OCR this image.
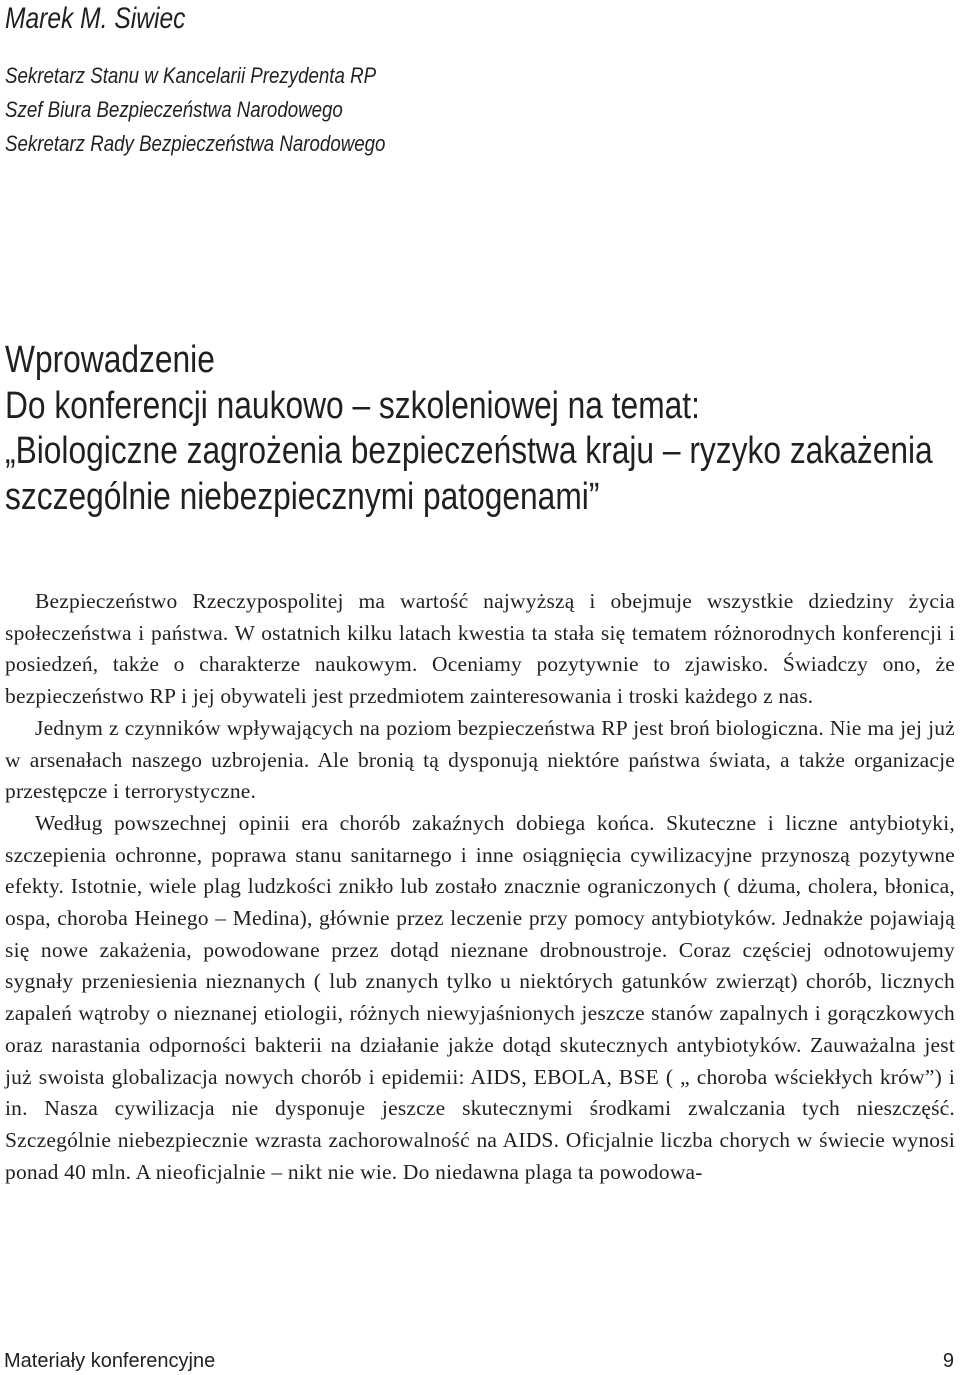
Marek M. Siwiec
Sekretarz Stanu w Kancelarii Prezydenta RP
Szef Biura Bezpieczeństwa Narodowego
Sekretarz Rady Bezpieczeństwa Narodowego
Wprowadzenie
Do konferencji naukowo – szkoleniowej na temat:
„Biologiczne zagrożenia bezpieczeństwa kraju – ryzyko zakażenia
szczególnie niebezpiecznymi patogenami”

Bezpieczeństwo Rzeczypospolitej ma wartość najwyższą i obejmuje wszystkie dziedziny życia społeczeństwa i państwa. W ostatnich kilku latach kwestia ta stała się tematem różnorodnych konferencji i posiedzeń, także o charakterze naukowym. Oceniamy pozytywnie to zjawisko. Świadczy ono, że bezpieczeństwo RP i jej obywateli jest przedmiotem zainteresowania i troski każdego z nas.

Jednym z czynników wpływających na poziom bezpieczeństwa RP jest broń biologiczna. Nie ma jej już w arsenałach naszego uzbrojenia. Ale bronią tą dysponują niektóre państwa świata, a także organizacje przestępcze i terrorystyczne.

Według powszechnej opinii era chorób zakaźnych dobiega końca. Skuteczne i liczne antybiotyki, szczepienia ochronne, poprawa stanu sanitarnego i inne osiągnięcia cywilizacyjne przynoszą pozytywne efekty. Istotnie, wiele plag ludzkości znikło lub zostało znacznie ograniczonych ( dżuma, cholera, błonica, ospa, choroba Heinego – Medina), głównie przez leczenie przy pomocy antybiotyków. Jednakże pojawiają się nowe zakażenia, powodowane przez dotąd nieznane drobnoustroje. Coraz częściej odnotowujemy sygnały przeniesienia nieznanych ( lub znanych tylko u niektórych gatunków zwierząt) chorób, licznych zapaleń wątroby o nieznanej etiologii, różnych niewyjaśnionych jeszcze stanów zapalnych i gorączkowych oraz narastania odporności bakterii na działanie jakże dotąd skutecznych antybiotyków. Zauważalna jest już swoista globalizacja nowych chorób i epidemii: AIDS, EBOLA, BSE ( „ choroba wściekłych krów”) i in. Nasza cywilizacja nie dysponuje jeszcze skutecznymi środkami zwalczania tych nieszczęść. Szczególnie niebezpiecznie wzrasta zachorowalność na AIDS. Oficjalnie liczba chorych w świecie wynosi ponad 40 mln. A nieoficjalnie – nikt nie wie. Do niedawna plaga ta powodowa-

Materiały konferencyjne	9
